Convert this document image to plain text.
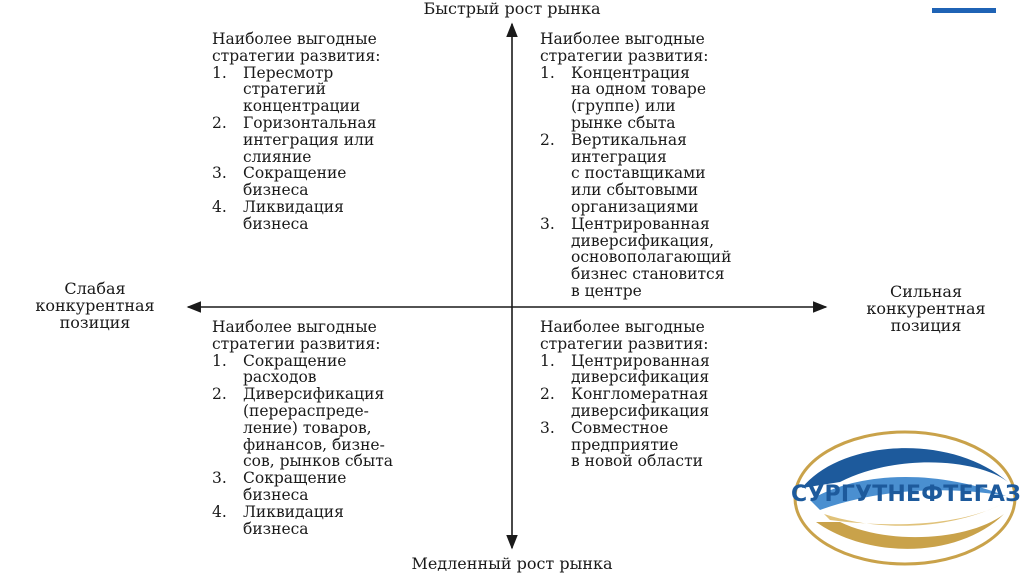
Быстрый рост рынка
Медленный рост рынка
Слабая
конкурентная
позиция
Сильная
конкурентная
позиция
Наиболее выгодные
стратегии развития:
1. Пересмотр
стратегий
концентрации
2. Горизонтальная
интеграция или
слияние
3. Сокращение
бизнеса
4. Ликвидация
бизнеса
Наиболее выгодные
стратегии развития:
1. Концентрация
на одном товаре
(группе) или
рынке сбыта
2. Вертикальная
интеграция
с поставщиками
или сбытовыми
организациями
3. Центрированная
диверсификация,
основополагающий
бизнес становится
в центре
Наиболее выгодные
стратегии развития:
1. Сокращение
расходов
2. Диверсификация
(перераспреде-
ление) товаров,
финансов, бизне-
сов, рынков сбыта
3. Сокращение
бизнеса
4. Ликвидация
бизнеса
Наиболее выгодные
стратегии развития:
1. Центрированная
диверсификация
2. Конгломератная
диверсификация
3. Совместное
предприятие
в новой области
СУРГУТНЕФТЕГАЗ
